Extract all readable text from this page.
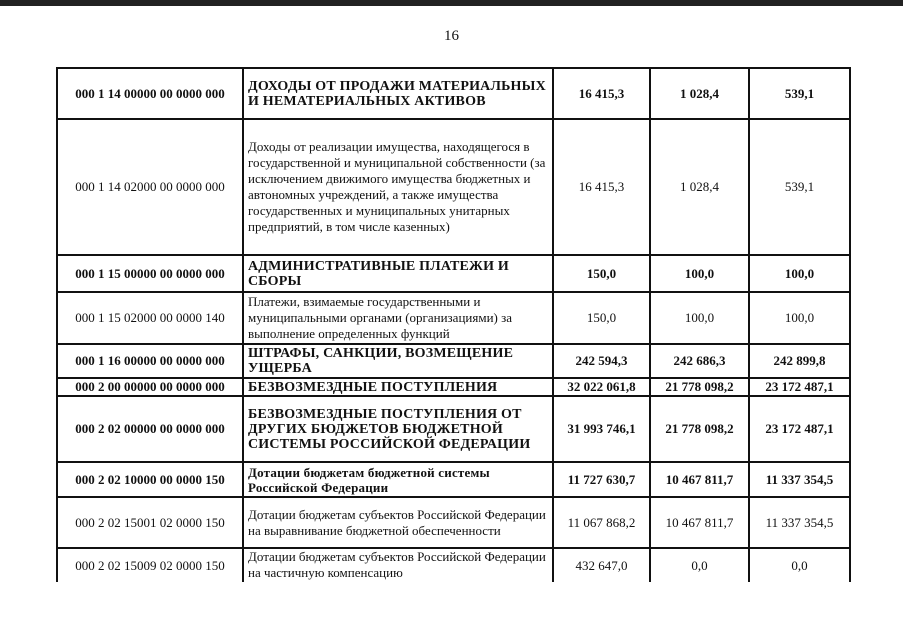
16
000 1 14 00000 00 0000 000	ДОХОДЫ ОТ ПРОДАЖИ МАТЕРИАЛЬНЫХ И НЕМАТЕРИАЛЬНЫХ АКТИВОВ	16 415,3	1 028,4	539,1
000 1 14 02000 00 0000 000	Доходы от реализации имущества, находящегося в государственной и муниципальной собственности (за исключением движимого имущества бюджетных и автономных учреждений, а также имущества государственных и муниципальных унитарных предприятий, в том числе казенных)	16 415,3	1 028,4	539,1
000 1 15 00000 00 0000 000	АДМИНИСТРАТИВНЫЕ ПЛАТЕЖИ И СБОРЫ	150,0	100,0	100,0
000 1 15 02000 00 0000 140	Платежи, взимаемые государственными и муниципальными органами (организациями) за выполнение определенных функций	150,0	100,0	100,0
000 1 16 00000 00 0000 000	ШТРАФЫ, САНКЦИИ, ВОЗМЕЩЕНИЕ УЩЕРБА	242 594,3	242 686,3	242 899,8
000 2 00 00000 00 0000 000	БЕЗВОЗМЕЗДНЫЕ ПОСТУПЛЕНИЯ	32 022 061,8	21 778 098,2	23 172 487,1
000 2 02 00000 00 0000 000	БЕЗВОЗМЕЗДНЫЕ ПОСТУПЛЕНИЯ ОТ ДРУГИХ БЮДЖЕТОВ БЮДЖЕТНОЙ СИСТЕМЫ РОССИЙСКОЙ ФЕДЕРАЦИИ	31 993 746,1	21 778 098,2	23 172 487,1
000 2 02 10000 00 0000 150	Дотации бюджетам бюджетной системы Российской Федерации	11 727 630,7	10 467 811,7	11 337 354,5
000 2 02 15001 02 0000 150	Дотации бюджетам субъектов Российской Федерации на выравнивание бюджетной обеспеченности	11 067 868,2	10 467 811,7	11 337 354,5
000 2 02 15009 02 0000 150	Дотации бюджетам субъектов Российской Федерации на частичную компенсацию	432 647,0	0,0	0,0
